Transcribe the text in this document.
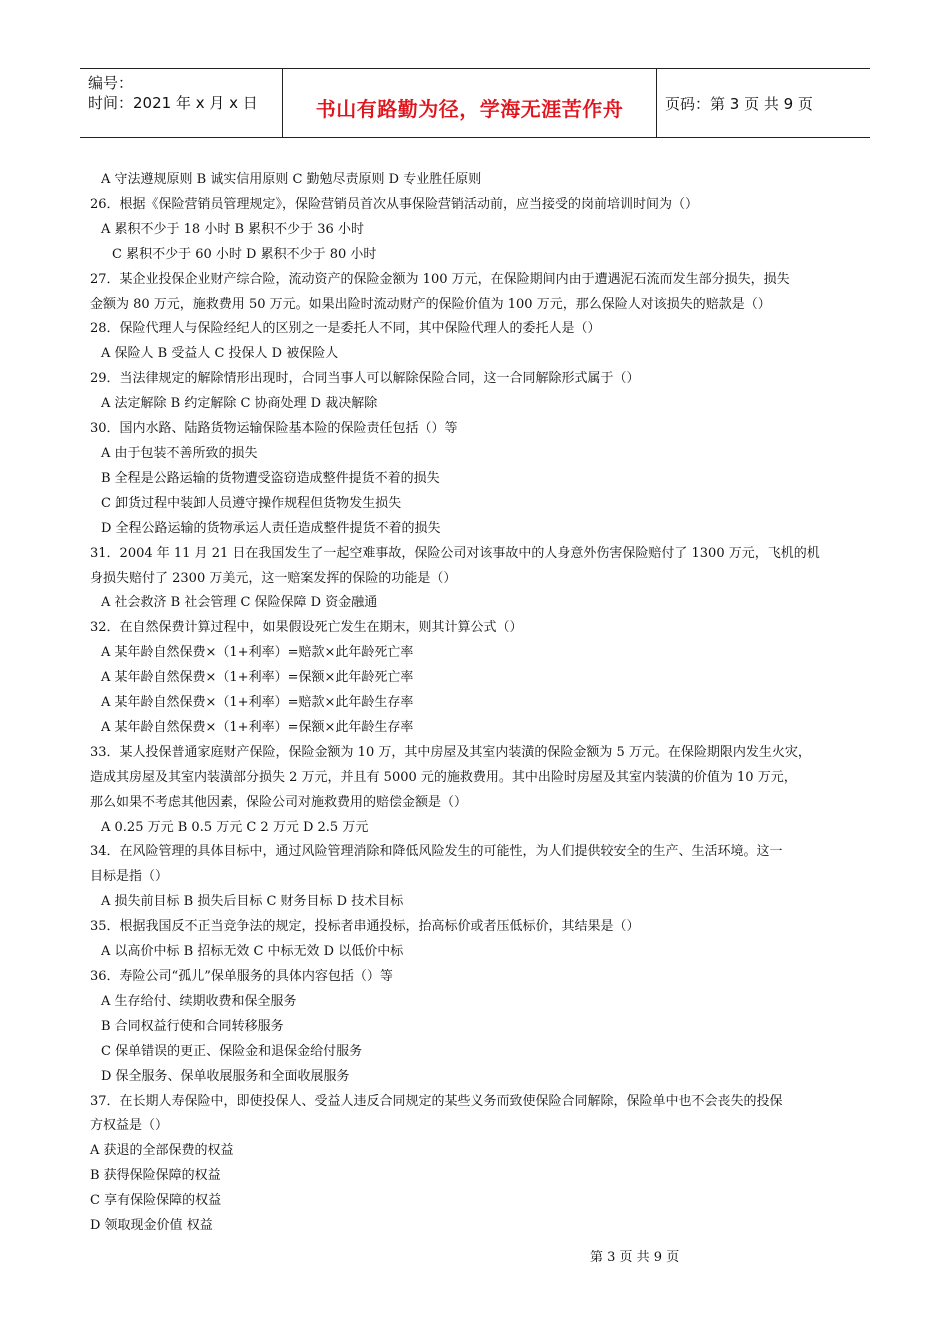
编号：
时间：2021 年 x 月 x 日	书山有路勤为径，学海无涯苦作舟	页码：第 3 页 共 9 页
A 守法遵规原则 B 诚实信用原则 C 勤勉尽责原则 D 专业胜任原则
26．根据《保险营销员管理规定》，保险营销员首次从事保险营销活动前，应当接受的岗前培训时间为（）
A 累积不少于 18 小时 B 累积不少于 36 小时
C 累积不少于 60 小时 D 累积不少于 80 小时
27．某企业投保企业财产综合险，流动资产的保险金额为 100 万元，在保险期间内由于遭遇泥石流而发生部分损失，损失
金额为 80 万元，施救费用 50 万元。如果出险时流动财产的保险价值为 100 万元，那么保险人对该损失的赔款是（）
28．保险代理人与保险经纪人的区别之一是委托人不同，其中保险代理人的委托人是（）
A 保险人 B 受益人 C 投保人 D 被保险人
29．当法律规定的解除情形出现时，合同当事人可以解除保险合同，这一合同解除形式属于（）
A 法定解除 B 约定解除 C 协商处理 D 裁决解除
30．国内水路、陆路货物运输保险基本险的保险责任包括（）等
A 由于包装不善所致的损失
B 全程是公路运输的货物遭受盗窃造成整件提货不着的损失
C 卸货过程中装卸人员遵守操作规程但货物发生损失
D 全程公路运输的货物承运人责任造成整件提货不着的损失
31．2004 年 11 月 21 日在我国发生了一起空难事故，保险公司对该事故中的人身意外伤害保险赔付了 1300 万元，飞机的机
身损失赔付了 2300 万美元，这一赔案发挥的保险的功能是（）
A 社会救济 B 社会管理 C 保险保障 D 资金融通
32．在自然保费计算过程中，如果假设死亡发生在期末，则其计算公式（）
A 某年龄自然保费×（1+利率）=赔款×此年龄死亡率
A 某年龄自然保费×（1+利率）=保额×此年龄死亡率
A 某年龄自然保费×（1+利率）=赔款×此年龄生存率
A 某年龄自然保费×（1+利率）=保额×此年龄生存率
33．某人投保普通家庭财产保险，保险金额为 10 万，其中房屋及其室内装潢的保险金额为 5 万元。在保险期限内发生火灾，
造成其房屋及其室内装潢部分损失 2 万元，并且有 5000 元的施救费用。其中出险时房屋及其室内装潢的价值为 10 万元，
那么如果不考虑其他因素，保险公司对施救费用的赔偿金额是（）
A 0.25 万元 B 0.5 万元 C 2 万元 D 2.5 万元
34．在风险管理的具体目标中，通过风险管理消除和降低风险发生的可能性，为人们提供较安全的生产、生活环境。这一
目标是指（）
A 损失前目标 B 损失后目标 C 财务目标 D 技术目标
35．根据我国反不正当竞争法的规定，投标者串通投标，抬高标价或者压低标价，其结果是（）
A 以高价中标 B 招标无效 C 中标无效 D 以低价中标
36．寿险公司“孤儿”保单服务的具体内容包括（）等
A 生存给付、续期收费和保全服务
B 合同权益行使和合同转移服务
C 保单错误的更正、保险金和退保金给付服务
D 保全服务、保单收展服务和全面收展服务
37．在长期人寿保险中，即使投保人、受益人违反合同规定的某些义务而致使保险合同解除，保险单中也不会丧失的投保
方权益是（）
A 获退的全部保费的权益
B 获得保险保障的权益
C 享有保险保障的权益
D 领取现金价值 权益
第 3 页 共 9 页
